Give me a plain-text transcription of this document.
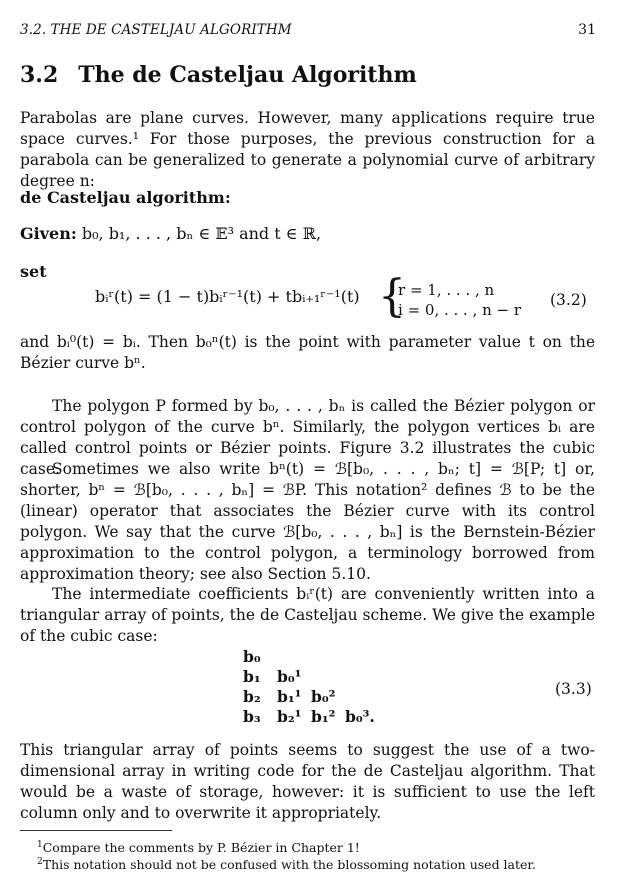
3.2. THE DE CASTELJAU ALGORITHM	31
3.2 The de Casteljau Algorithm
Parabolas are plane curves. However, many applications require true space curves.¹ For those purposes, the previous construction for a parabola can be generalized to generate a polynomial curve of arbitrary degree n:
de Casteljau algorithm:
Given: b₀, b₁, . . . , bₙ ∈ 𝔼³ and t ∈ ℝ,
set
bᵢʳ(t) = (1 − t)bᵢʳ⁻¹(t) + tbᵢ₊₁ʳ⁻¹(t) {
r = 1, . . . , n
i = 0, . . . , n − r
(3.2)
and bᵢ⁰(t) = bᵢ. Then b₀ⁿ(t) is the point with parameter value t on the Bézier curve bⁿ.
The polygon P formed by b₀, . . . , bₙ is called the Bézier polygon or control polygon of the curve bⁿ. Similarly, the polygon vertices bᵢ are called control points or Bézier points. Figure 3.2 illustrates the cubic case.
Sometimes we also write bⁿ(t) = ℬ[b₀, . . . , bₙ; t] = ℬ[P; t] or, shorter, bⁿ = ℬ[b₀, . . . , bₙ] = ℬP. This notation² defines ℬ to be the (linear) operator that associates the Bézier curve with its control polygon. We say that the curve ℬ[b₀, . . . , bₙ] is the Bernstein-Bézier approximation to the control polygon, a terminology borrowed from approximation theory; see also Section 5.10.
The intermediate coefficients bᵢʳ(t) are conveniently written into a triangular array of points, the de Casteljau scheme. We give the example of the cubic case:
b₀
b₁ b₀¹
b₂ b₁¹ b₀²
b₃ b₂¹ b₁² b₀³.
(3.3)
This triangular array of points seems to suggest the use of a two-dimensional array in writing code for the de Casteljau algorithm. That would be a waste of storage, however: it is sufficient to use the left column only and to overwrite it appropriately.
$^1$Compare the comments by P. Bézier in Chapter 1!
$^2$This notation should not be confused with the blossoming notation used later.
